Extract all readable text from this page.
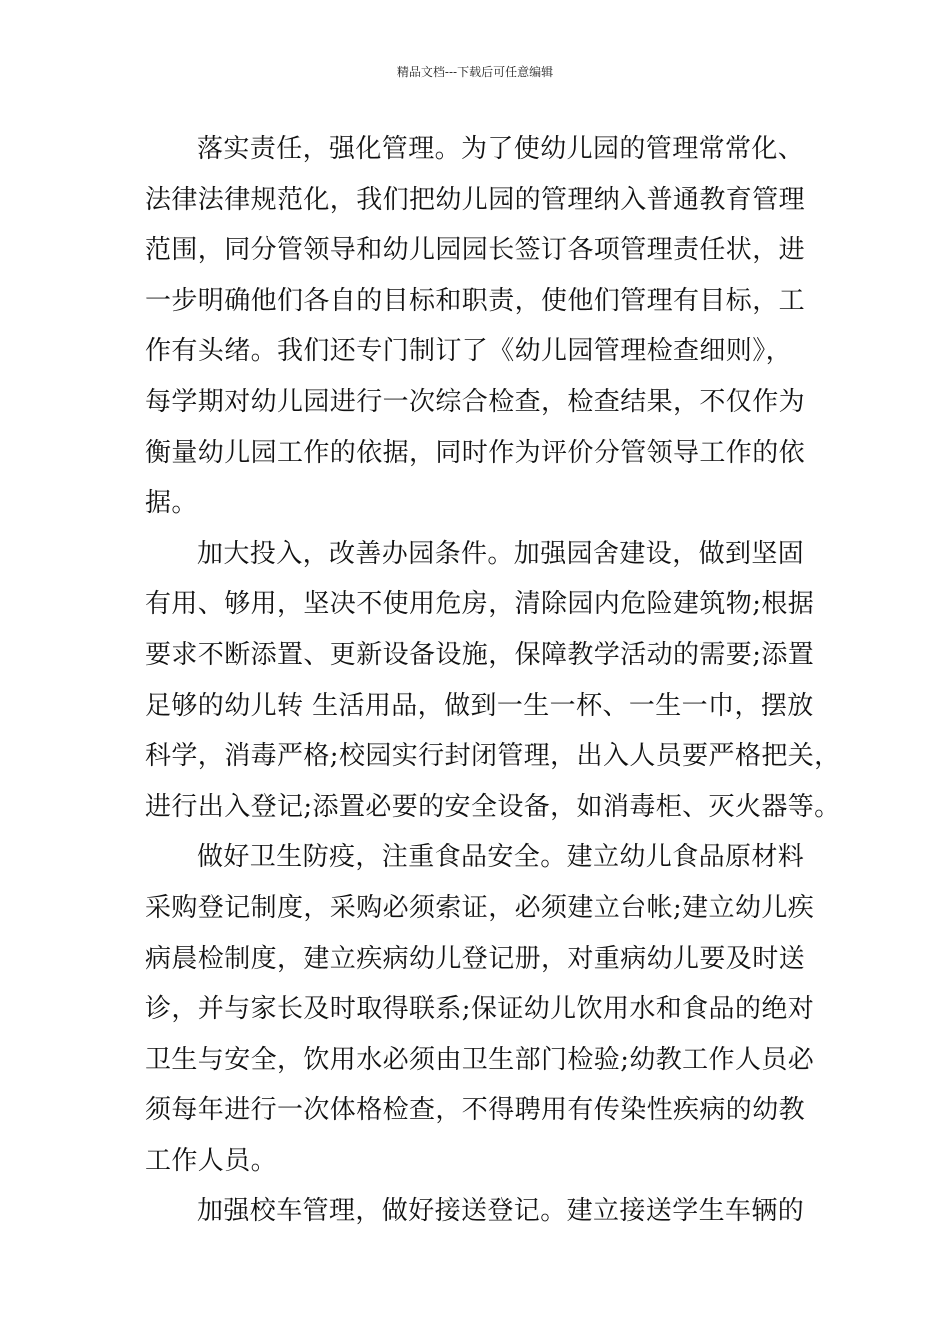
精品文档---下载后可任意编辑
落实责任，强化管理。为了使幼儿园的管理常常化、
法律法律规范化，我们把幼儿园的管理纳入普通教育管理
范围，同分管领导和幼儿园园长签订各项管理责任状，进
一步明确他们各自的目标和职责，使他们管理有目标，工
作有头绪。我们还专门制订了《幼儿园管理检查细则》，
每学期对幼儿园进行一次综合检查，检查结果，不仅作为
衡量幼儿园工作的依据，同时作为评价分管领导工作的依
据。
加大投入，改善办园条件。加强园舍建设，做到坚固
有用、够用，坚决不使用危房，清除园内危险建筑物;根据
要求不断添置、更新设备设施，保障教学活动的需要;添置
足够的幼儿转 生活用品，做到一生一杯、一生一巾，摆放
科学，消毒严格;校园实行封闭管理，出入人员要严格把关，
进行出入登记;添置必要的安全设备，如消毒柜、灭火器等。
做好卫生防疫，注重食品安全。建立幼儿食品原材料
采购登记制度，采购必须索证，必须建立台帐;建立幼儿疾
病晨检制度，建立疾病幼儿登记册，对重病幼儿要及时送
诊，并与家长及时取得联系;保证幼儿饮用水和食品的绝对
卫生与安全，饮用水必须由卫生部门检验;幼教工作人员必
须每年进行一次体格检查，不得聘用有传染性疾病的幼教
工作人员。
加强校车管理，做好接送登记。建立接送学生车辆的
